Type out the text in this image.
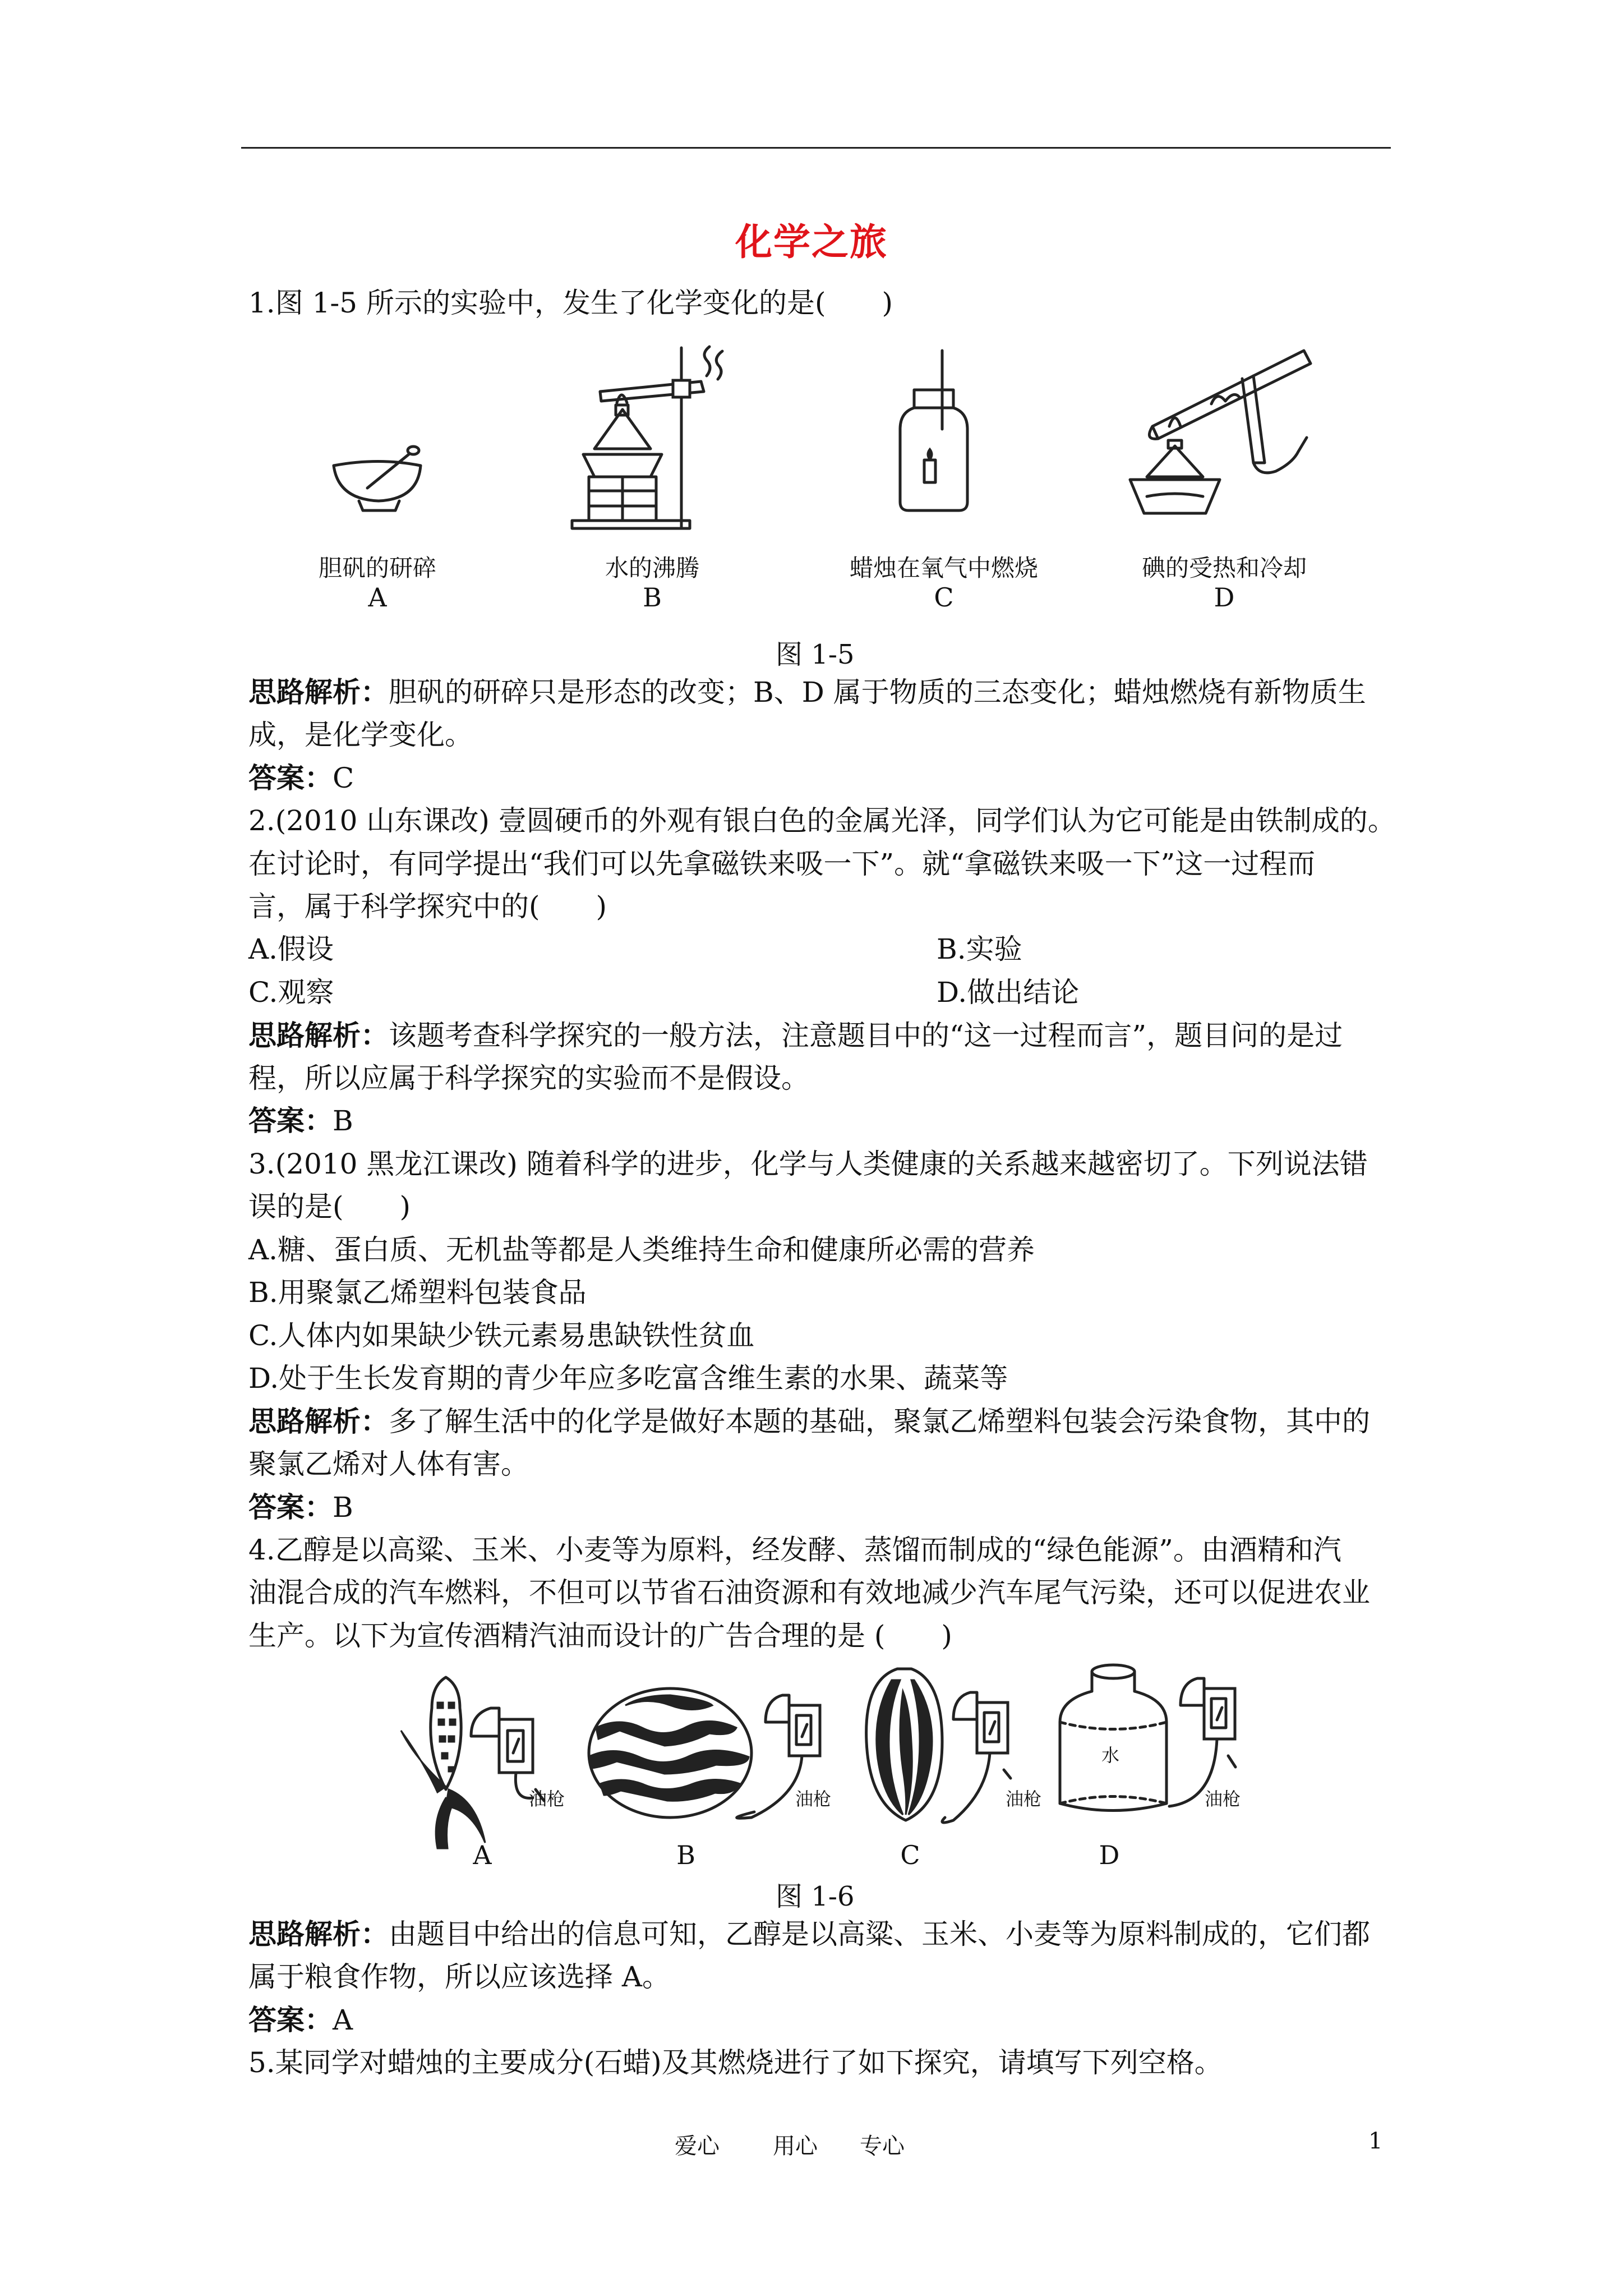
化学之旅
1.图 1-5 所示的实验中，发生了化学变化的是(　　)
胆矾的研碎	水的沸腾	蜡烛在氧气中燃烧	碘的受热和冷却
A	B	C	D
图 1-5
思路解析：胆矾的研碎只是形态的改变；B、D 属于物质的三态变化；蜡烛燃烧有新物质生
成，是化学变化。
答案：C
2.(2010 山东课改) 壹圆硬币的外观有银白色的金属光泽，同学们认为它可能是由铁制成的。
在讨论时，有同学提出“我们可以先拿磁铁来吸一下”。就“拿磁铁来吸一下”这一过程而
言，属于科学探究中的(　　)
A.假设	B.实验
C.观察	D.做出结论
思路解析：该题考查科学探究的一般方法，注意题目中的“这一过程而言”，题目问的是过
程，所以应属于科学探究的实验而不是假设。
答案：B
3.(2010 黑龙江课改) 随着科学的进步，化学与人类健康的关系越来越密切了。下列说法错
误的是(　　)
A.糖、蛋白质、无机盐等都是人类维持生命和健康所必需的营养
B.用聚氯乙烯塑料包装食品
C.人体内如果缺少铁元素易患缺铁性贫血
D.处于生长发育期的青少年应多吃富含维生素的水果、蔬菜等
思路解析：多了解生活中的化学是做好本题的基础，聚氯乙烯塑料包装会污染食物，其中的
聚氯乙烯对人体有害。
答案：B
4.乙醇是以高粱、玉米、小麦等为原料，经发酵、蒸馏而制成的“绿色能源”。由酒精和汽
油混合成的汽车燃料，不但可以节省石油资源和有效地减少汽车尾气污染，还可以促进农业
生产。以下为宣传酒精汽油而设计的广告合理的是 (　　)
油枪	油枪	油枪
水
油枪
A	B	C	D
图 1-6
思路解析：由题目中给出的信息可知，乙醇是以高粱、玉米、小麦等为原料制成的，它们都
属于粮食作物，所以应该选择 A。
答案：A
5.某同学对蜡烛的主要成分(石蜡)及其燃烧进行了如下探究，请填写下列空格。
爱心 用心 专心	1
